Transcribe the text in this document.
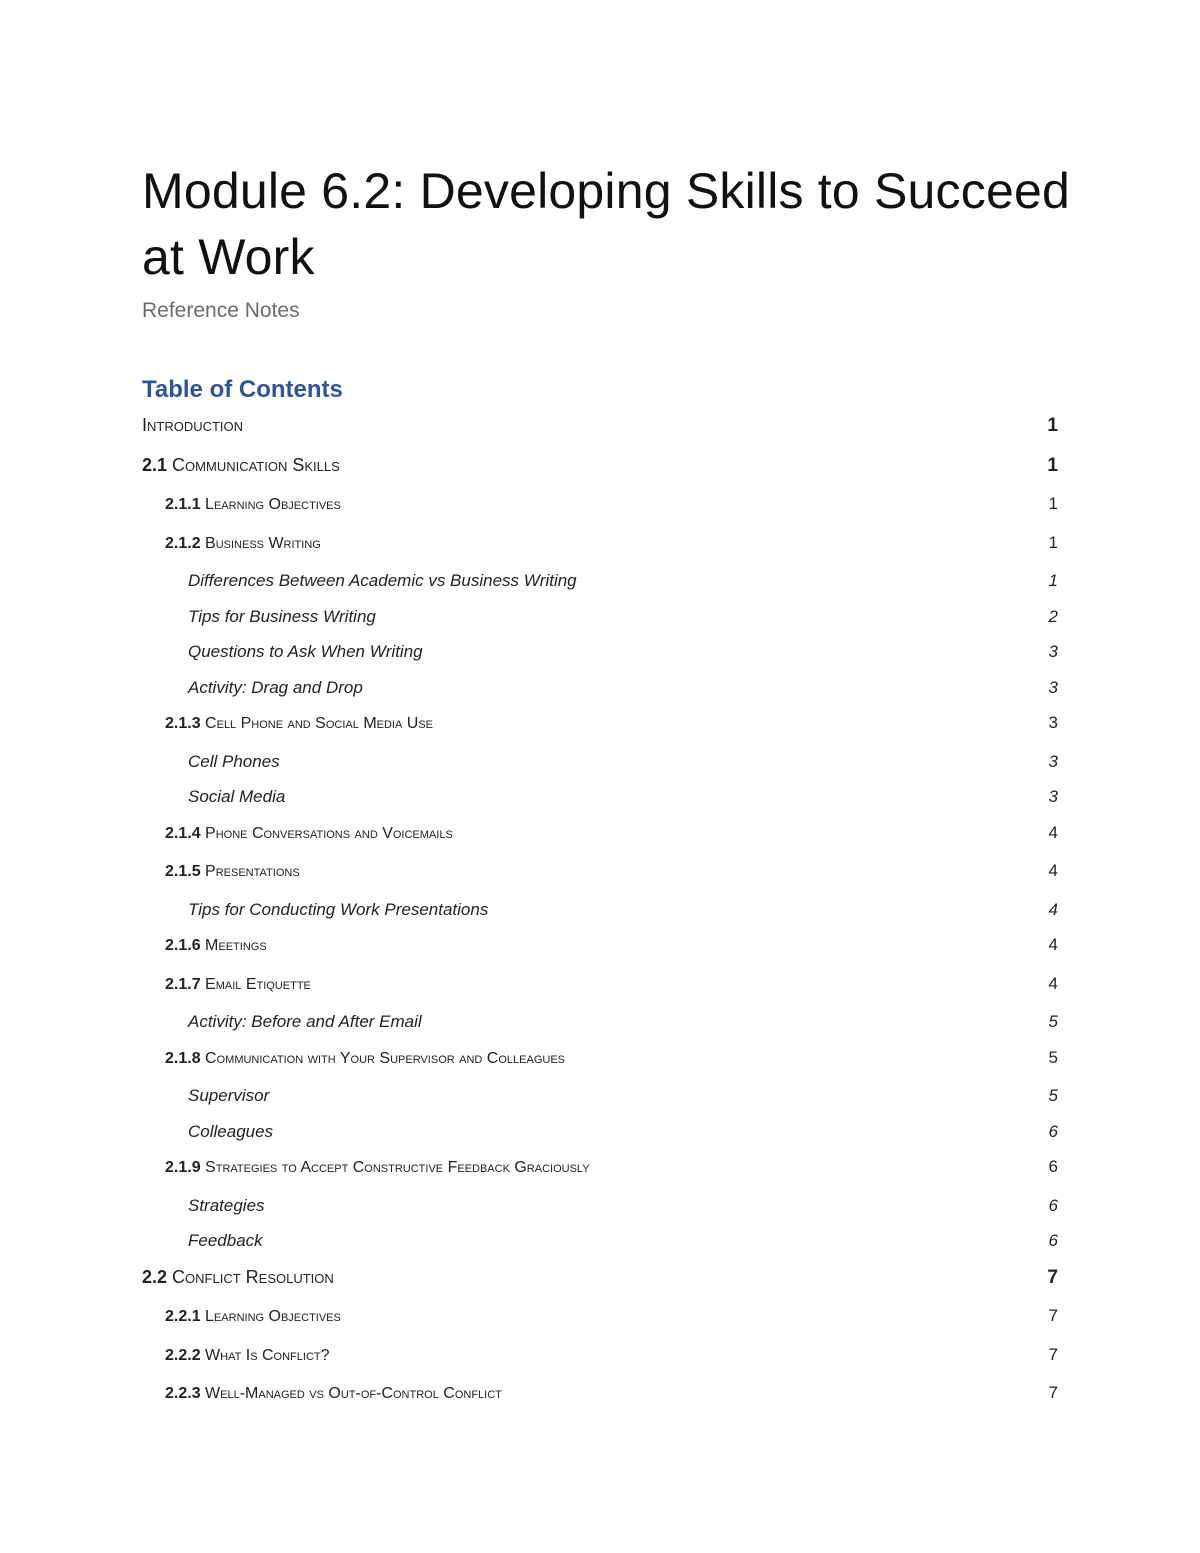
Module 6.2: Developing Skills to Succeed at Work
Reference Notes
Table of Contents
Introduction	1
2.1 Communication Skills	1
2.1.1 Learning Objectives	1
2.1.2 Business Writing	1
Differences Between Academic vs Business Writing	1
Tips for Business Writing	2
Questions to Ask When Writing	3
Activity: Drag and Drop	3
2.1.3 Cell Phone and Social Media Use	3
Cell Phones	3
Social Media	3
2.1.4 Phone Conversations and Voicemails	4
2.1.5 Presentations	4
Tips for Conducting Work Presentations	4
2.1.6 Meetings	4
2.1.7 Email Etiquette	4
Activity: Before and After Email	5
2.1.8 Communication with Your Supervisor and Colleagues	5
Supervisor	5
Colleagues	6
2.1.9 Strategies to Accept Constructive Feedback Graciously	6
Strategies	6
Feedback	6
2.2 Conflict Resolution	7
2.2.1 Learning Objectives	7
2.2.2 What Is Conflict?	7
2.2.3 Well-Managed vs Out-of-Control Conflict	7
